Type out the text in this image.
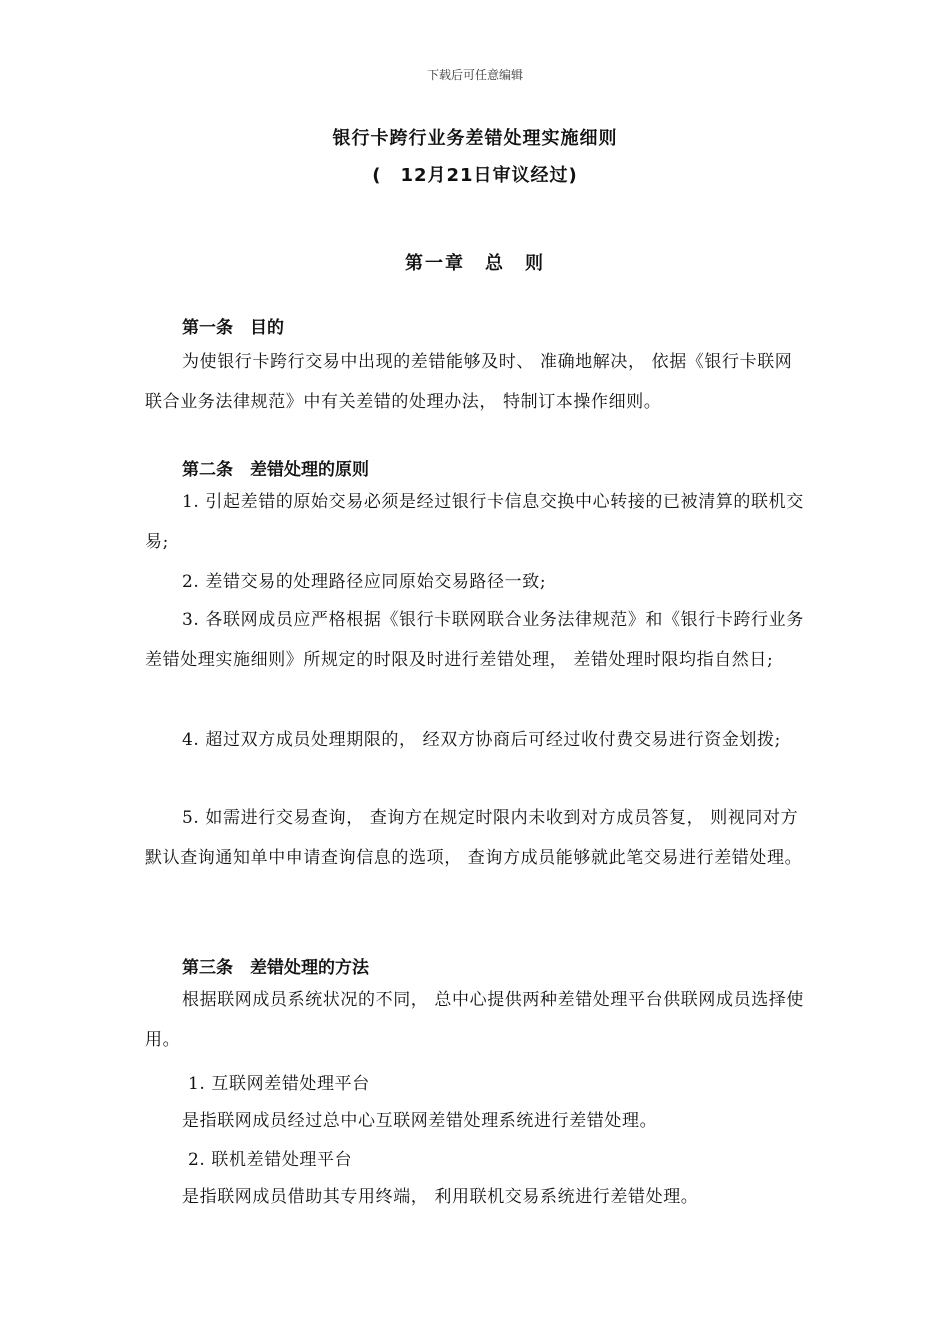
下载后可任意编辑
银行卡跨行业务差错处理实施细则
(　12月21日审议经过)
第一章　总　则
第一条　目的
为使银行卡跨行交易中出现的差错能够及时、 准确地解决， 依据《银行卡联网联合业务法律规范》中有关差错的处理办法， 特制订本操作细则。
第二条　差错处理的原则
1. 引起差错的原始交易必须是经过银行卡信息交换中心转接的已被清算的联机交易;
2. 差错交易的处理路径应同原始交易路径一致;
3. 各联网成员应严格根据《银行卡联网联合业务法律规范》和《银行卡跨行业务差错处理实施细则》所规定的时限及时进行差错处理， 差错处理时限均指自然日;
4. 超过双方成员处理期限的， 经双方协商后可经过收付费交易进行资金划拨;
5. 如需进行交易查询， 查询方在规定时限内未收到对方成员答复， 则视同对方默认查询通知单中申请查询信息的选项， 查询方成员能够就此笔交易进行差错处理。
第三条　差错处理的方法
根据联网成员系统状况的不同， 总中心提供两种差错处理平台供联网成员选择使用。
1. 互联网差错处理平台
是指联网成员经过总中心互联网差错处理系统进行差错处理。
2. 联机差错处理平台
是指联网成员借助其专用终端， 利用联机交易系统进行差错处理。
